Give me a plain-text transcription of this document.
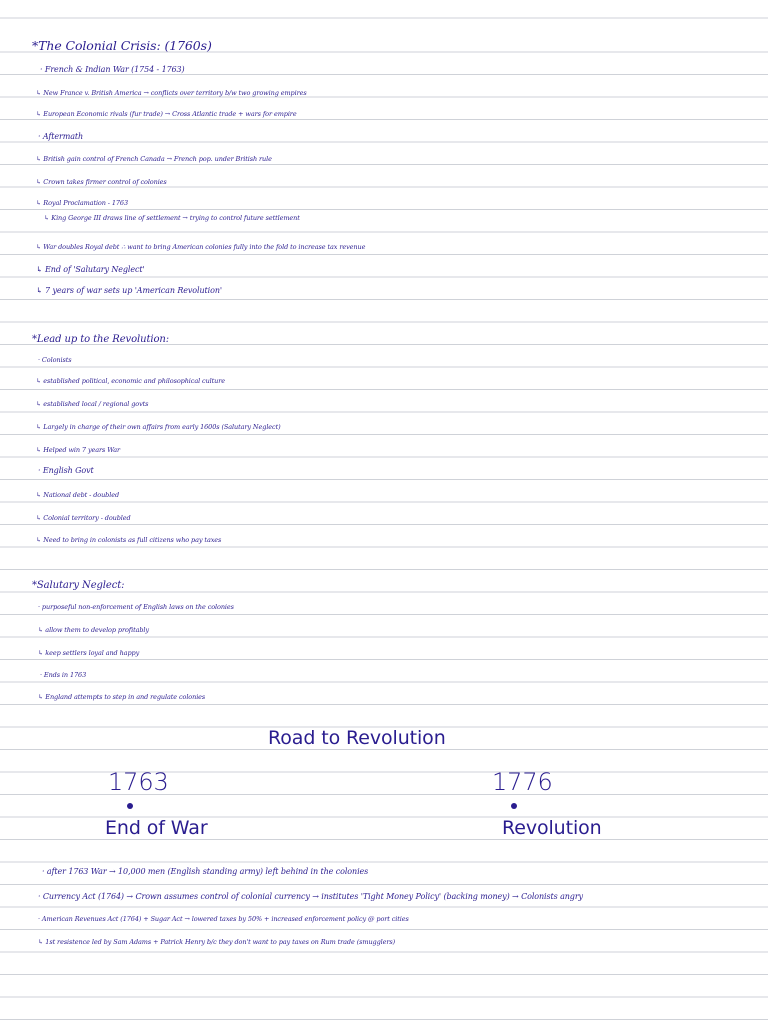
*The Colonial Crisis: (1760s)
· French & Indian War (1754 - 1763)
↳ New France v. British America → conflicts over territory b/w two growing empires
↳ European Economic rivals (fur trade) → Cross Atlantic trade + wars for empire
· Aftermath
↳ British gain control of French Canada → French pop. under British rule
↳ Crown takes firmer control of colonies
↳ Royal Proclamation - 1763
↳ King George III draws line of settlement → trying to control future settlement
↳ War doubles Royal debt ∴ want to bring American colonies fully into the fold to increase tax revenue
↳ End of 'Salutary Neglect'
↳ 7 years of war sets up 'American Revolution'
*Lead up to the Revolution:
· Colonists
↳ established political, economic and philosophical culture
↳ established local / regional govts
↳ Largely in charge of their own affairs from early 1600s (Salutary Neglect)
↳ Helped win 7 years War
· English Govt
↳ National debt - doubled
↳ Colonial territory - doubled
↳ Need to bring in colonists as full citizens who pay taxes
*Salutary Neglect:
· purposeful non-enforcement of English laws on the colonies
↳ allow them to develop profitably
↳ keep settlers loyal and happy
· Ends in 1763
↳ England attempts to step in and regulate colonies
Road to Revolution
1763
End of War
1776
Revolution
· after 1763 War → 10,000 men (English standing army) left behind in the colonies
· Currency Act (1764) → Crown assumes control of colonial currency → institutes 'Tight Money Policy' (backing money) → Colonists angry
· American Revenues Act (1764) + Sugar Act → lowered taxes by 50% + increased enforcement policy @ port cities
↳ 1st resistence led by Sam Adams + Patrick Henry b/c they don't want to pay taxes on Rum trade (smugglers)
